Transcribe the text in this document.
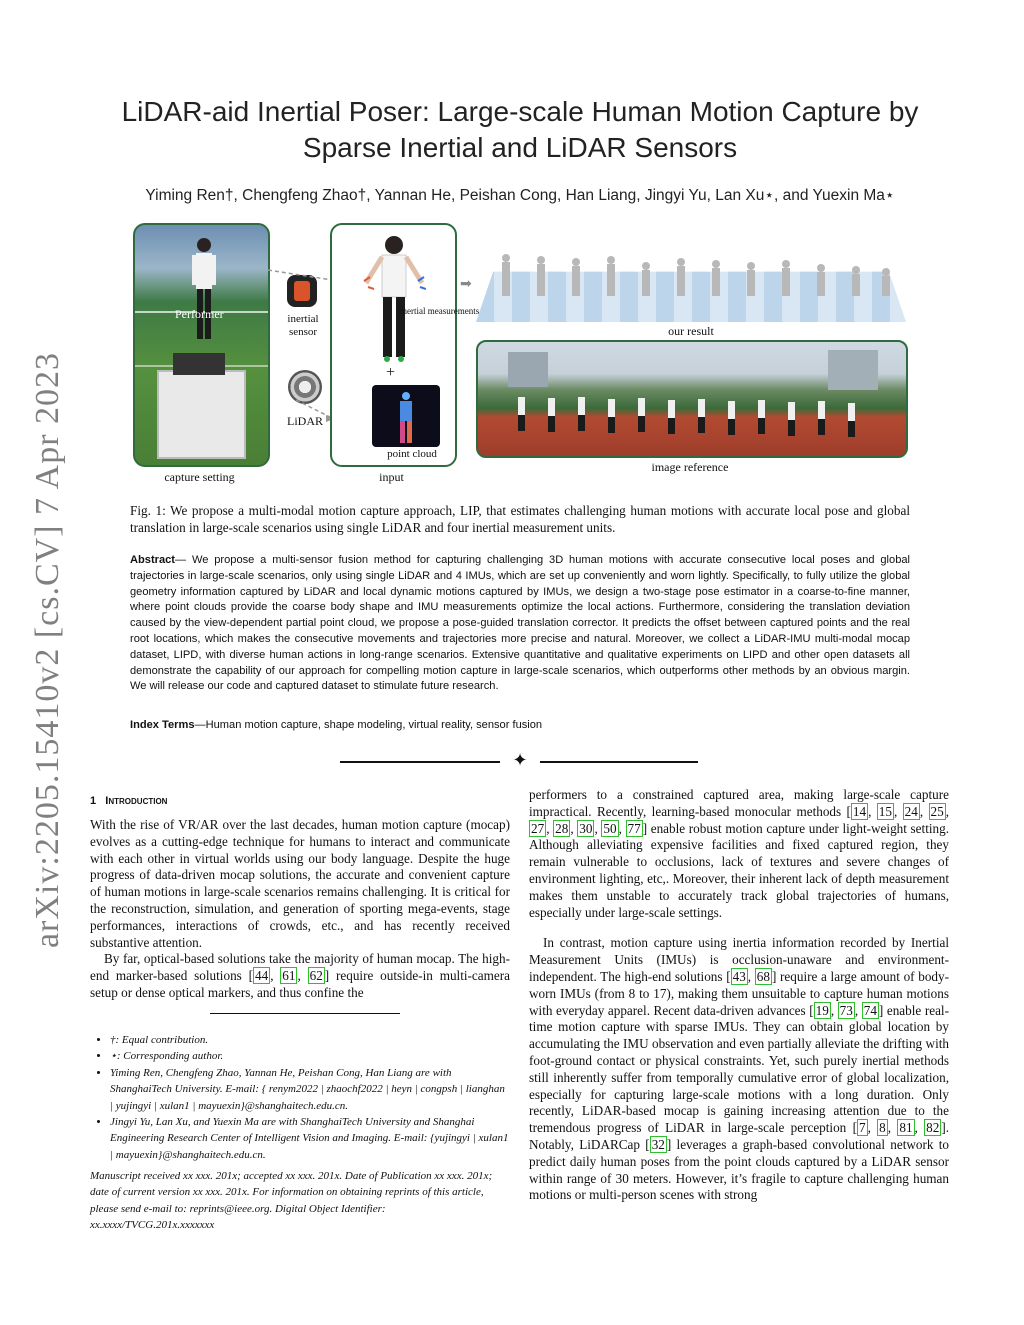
arXiv:2205.15410v2 [cs.CV] 7 Apr 2023
LiDAR-aid Inertial Poser: Large-scale Human Motion Capture by Sparse Inertial and LiDAR Sensors
Yiming Ren†, Chengfeng Zhao†, Yannan He, Peishan Cong, Han Liang, Jingyi Yu, Lan Xu⋆, and Yuexin Ma⋆
Performer
capture setting
inertial sensor
LiDAR
inertial measurements
+
point cloud
input
➡
our result
image reference
Fig. 1: We propose a multi-modal motion capture approach, LIP, that estimates challenging human motions with accurate local pose and global translation in large-scale scenarios using single LiDAR and four inertial measurement units.
Abstract— We propose a multi-sensor fusion method for capturing challenging 3D human motions with accurate consecutive local poses and global trajectories in large-scale scenarios, only using single LiDAR and 4 IMUs, which are set up conveniently and worn lightly. Specifically, to fully utilize the global geometry information captured by LiDAR and local dynamic motions captured by IMUs, we design a two-stage pose estimator in a coarse-to-fine manner, where point clouds provide the coarse body shape and IMU measurements optimize the local actions. Furthermore, considering the translation deviation caused by the view-dependent partial point cloud, we propose a pose-guided translation corrector. It predicts the offset between captured points and the real root locations, which makes the consecutive movements and trajectories more precise and natural. Moreover, we collect a LiDAR-IMU multi-modal mocap dataset, LIPD, with diverse human actions in long-range scenarios. Extensive quantitative and qualitative experiments on LIPD and other open datasets all demonstrate the capability of our approach for compelling motion capture in large-scale scenarios, which outperforms other methods by an obvious margin. We will release our code and captured dataset to stimulate future research.
Index Terms—Human motion capture, shape modeling, virtual reality, sensor fusion
✦
1 Introduction

With the rise of VR/AR over the last decades, human motion capture (mocap) evolves as a cutting-edge technique for humans to interact and communicate with each other in virtual worlds using our body language. Despite the huge progress of data-driven mocap solutions, the accurate and convenient capture of human motions in large-scale scenarios remains challenging. It is critical for the reconstruction, simulation, and generation of sporting mega-events, stage performances, interactions of crowds, etc., and has recently received substantive attention.

By far, optical-based solutions take the majority of human mocap. The high-end marker-based solutions [ 44 , 61 , 62 ] require outside-in multi-camera setup or dense optical markers, and thus confine the

• †: Equal contribution.
• ⋆: Corresponding author.
• Yiming Ren, Chengfeng Zhao, Yannan He, Peishan Cong, Han Liang are with ShanghaiTech University. E-mail: { renym2022 | zhaochf2022 | heyn | congpsh | lianghan | yujingyi | xulan1 | mayuexin}@shanghaitech.edu.cn.
• Jingyi Yu, Lan Xu, and Yuexin Ma are with ShanghaiTech University and Shanghai Engineering Research Center of Intelligent Vision and Imaging. E-mail: {yujingyi | xulan1 | mayuexin}@shanghaitech.edu.cn.
Manuscript received xx xxx. 201x; accepted xx xxx. 201x. Date of Publication xx xxx. 201x; date of current version xx xxx. 201x. For information on obtaining reprints of this article, please send e-mail to: reprints@ieee.org. Digital Object Identifier: xx.xxxx/TVCG.201x.xxxxxxx

performers to a constrained captured area, making large-scale capture impractical. Recently, learning-based monocular methods [ 14 , 15 , 24 , 25 , 27 , 28 , 30 , 50 , 77 ] enable robust motion capture under light-weight setting. Although alleviating expensive facilities and fixed captured region, they remain vulnerable to occlusions, lack of textures and severe changes of environment lighting, etc,. Moreover, their inherent lack of depth measurement makes them unstable to accurately track global trajectories of humans, especially under large-scale settings.

In contrast, motion capture using inertia information recorded by Inertial Measurement Units (IMUs) is occlusion-unaware and environment-independent. The high-end solutions [ 43 , 68 ] require a large amount of body-worn IMUs (from 8 to 17), making them unsuitable to capture human motions with everyday apparel. Recent data-driven advances [ 19 , 73 , 74 ] enable real-time motion capture with sparse IMUs. They can obtain global location by accumulating the IMU observation and even partially alleviate the drifting with foot-ground contact or physical constraints. Yet, such purely inertial methods still inherently suffer from temporally cumulative error of global localization, especially for capturing large-scale motions with a long duration. Only recently, LiDAR-based mocap is gaining increasing attention due to the tremendous progress of LiDAR in large-scale perception [ 7 , 8 , 81 , 82 ]. Notably, LiDARCap [ 32 ] leverages a graph-based convolutional network to predict daily human poses from the point clouds captured by a LiDAR sensor within range of 30 meters. However, it’s fragile to capture challenging human motions or multi-person scenes with strong
